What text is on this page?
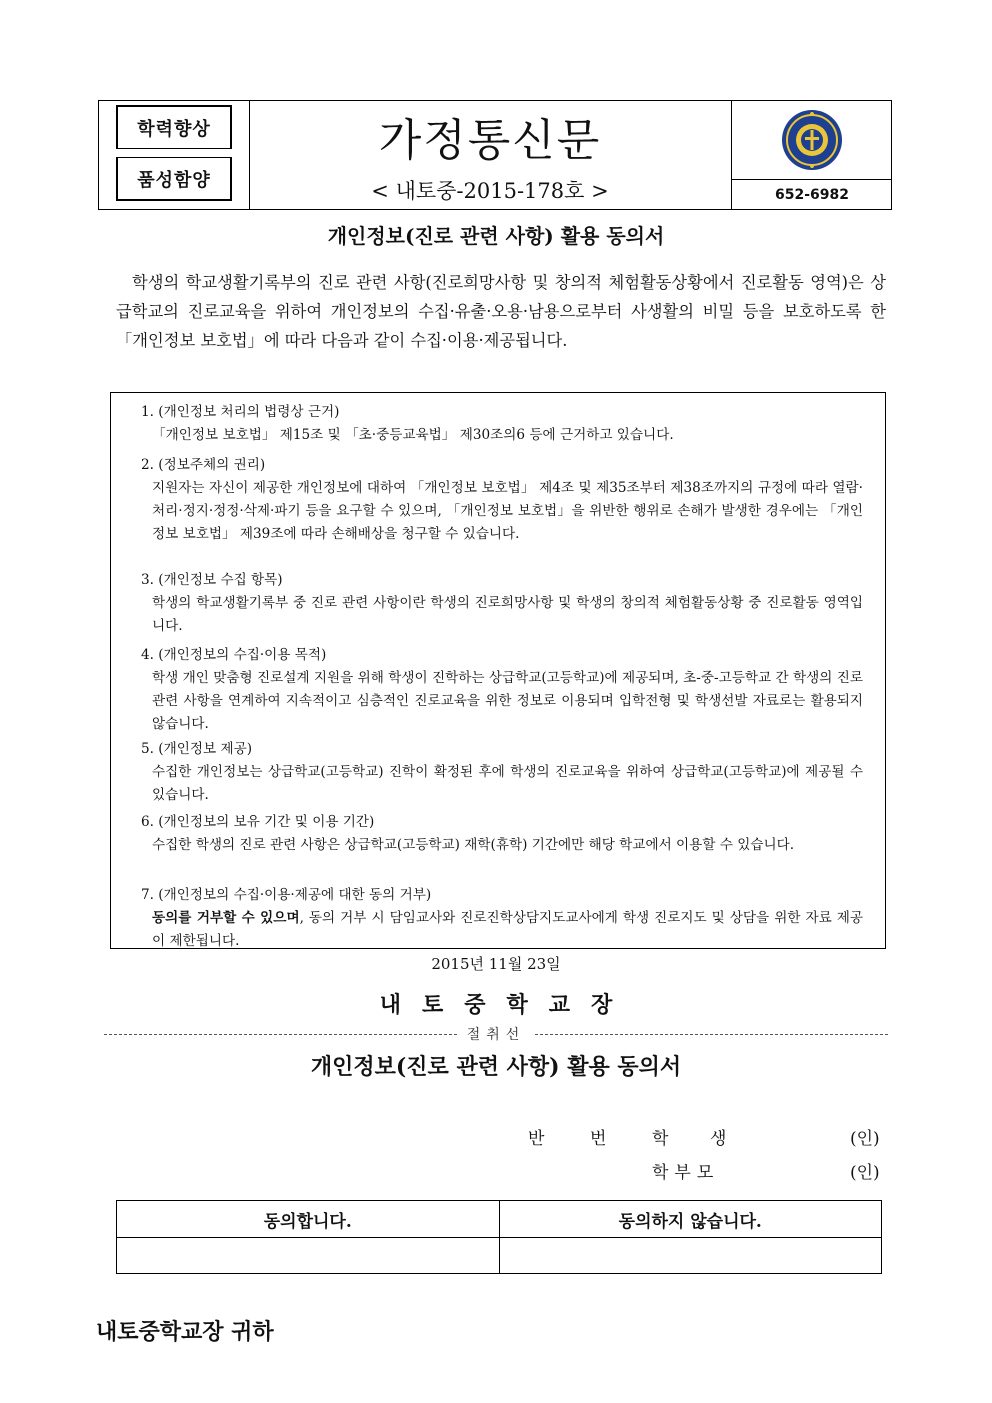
학력향상
품성함양
가정통신문
< 내토중-2015-178호 >	652-6982
개인정보(진로 관련 사항) 활용 동의서
학생의 학교생활기록부의 진로 관련 사항(진로희망사항 및 창의적 체험활동상황에서 진로활동 영역)은 상급학교의 진로교육을 위하여 개인정보의 수집·유출·오용·남용으로부터 사생활의 비밀 등을 보호하도록 한「개인정보 보호법」에 따라 다음과 같이 수집·이용·제공됩니다.
1. (개인정보 처리의 법령상 근거)
「개인정보 보호법」 제15조 및 「초·중등교육법」 제30조의6 등에 근거하고 있습니다.
2. (정보주체의 권리)
지원자는 자신이 제공한 개인정보에 대하여 「개인정보 보호법」 제4조 및 제35조부터 제38조까지의 규정에 따라 열람·처리·정지·정정·삭제·파기 등을 요구할 수 있으며, 「개인정보 보호법」을 위반한 행위로 손해가 발생한 경우에는 「개인정보 보호법」 제39조에 따라 손해배상을 청구할 수 있습니다.
3. (개인정보 수집 항목)
학생의 학교생활기록부 중 진로 관련 사항이란 학생의 진로희망사항 및 학생의 창의적 체험활동상황 중 진로활동 영역입니다.
4. (개인정보의 수집·이용 목적)
학생 개인 맞춤형 진로설계 지원을 위해 학생이 진학하는 상급학교(고등학교)에 제공되며, 초-중-고등학교 간 학생의 진로 관련 사항을 연계하여 지속적이고 심층적인 진로교육을 위한 정보로 이용되며 입학전형 및 학생선발 자료로는 활용되지 않습니다.
5. (개인정보 제공)
수집한 개인정보는 상급학교(고등학교) 진학이 확정된 후에 학생의 진로교육을 위하여 상급학교(고등학교)에 제공될 수 있습니다.
6. (개인정보의 보유 기간 및 이용 기간)
수집한 학생의 진로 관련 사항은 상급학교(고등학교) 재학(휴학) 기간에만 해당 학교에서 이용할 수 있습니다.
7. (개인정보의 수집·이용·제공에 대한 동의 거부)
동의를 거부할 수 있으며, 동의 거부 시 담임교사와 진로진학상담지도교사에게 학생 진로지도 및 상담을 위한 자료 제공이 제한됩니다.
2015년 11월 23일
내토중학교장
절취선
개인정보(진로 관련 사항) 활용 동의서
반	번	학 생	(인)
학부모	(인)
동의합니다.	동의하지 않습니다.

내토중학교장 귀하
